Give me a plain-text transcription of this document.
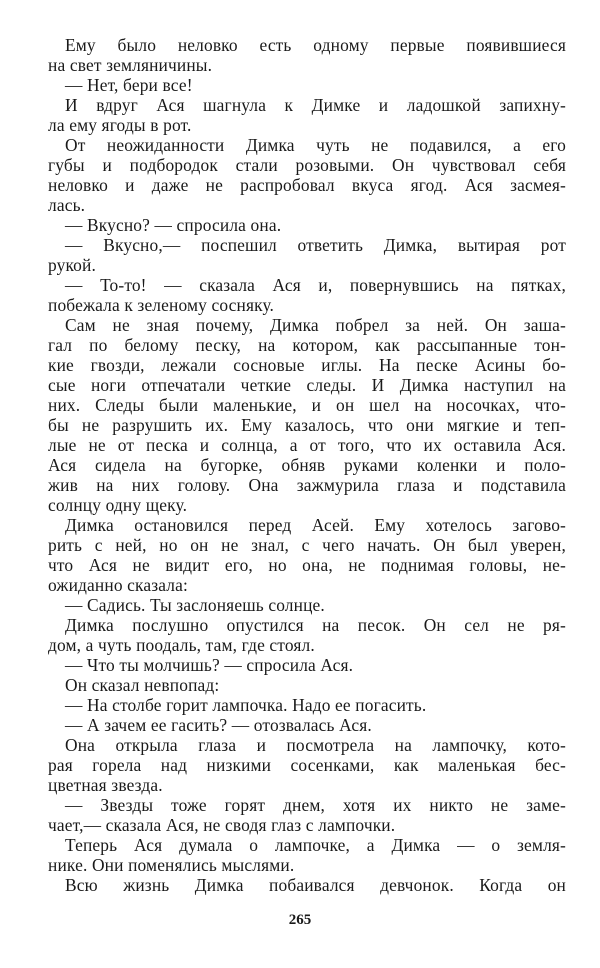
Ему было неловко есть одному первые появившиеся
на свет земляничины.
— Нет, бери все!
И вдруг Ася шагнула к Димке и ладошкой запихну-
ла ему ягоды в рот.
От неожиданности Димка чуть не подавился, а его
губы и подбородок стали розовыми. Он чувствовал себя
неловко и даже не распробовал вкуса ягод. Ася засмея-
лась.
— Вкусно? — спросила она.
— Вкусно,— поспешил ответить Димка, вытирая рот
рукой.
— То-то! — сказала Ася и, повернувшись на пятках,
побежала к зеленому сосняку.
Сам не зная почему, Димка побрел за ней. Он заша-
гал по белому песку, на котором, как рассыпанные тон-
кие гвозди, лежали сосновые иглы. На песке Асины бо-
сые ноги отпечатали четкие следы. И Димка наступил на
них. Следы были маленькие, и он шел на носочках, что-
бы не разрушить их. Ему казалось, что они мягкие и теп-
лые не от песка и солнца, а от того, что их оставила Ася.
Ася сидела на бугорке, обняв руками коленки и поло-
жив на них голову. Она зажмурила глаза и подставила
солнцу одну щеку.
Димка остановился перед Асей. Ему хотелось загово-
рить с ней, но он не знал, с чего начать. Он был уверен,
что Ася не видит его, но она, не поднимая головы, не-
ожиданно сказала:
— Садись. Ты заслоняешь солнце.
Димка послушно опустился на песок. Он сел не ря-
дом, а чуть поодаль, там, где стоял.
— Что ты молчишь? — спросила Ася.
Он сказал невпопад:
— На столбе горит лампочка. Надо ее погасить.
— А зачем ее гасить? — отозвалась Ася.
Она открыла глаза и посмотрела на лампочку, кото-
рая горела над низкими сосенками, как маленькая бес-
цветная звезда.
— Звезды тоже горят днем, хотя их никто не заме-
чает,— сказала Ася, не сводя глаз с лампочки.
Теперь Ася думала о лампочке, а Димка — о земля-
нике. Они поменялись мыслями.
Всю жизнь Димка побаивался девчонок. Когда он
265
